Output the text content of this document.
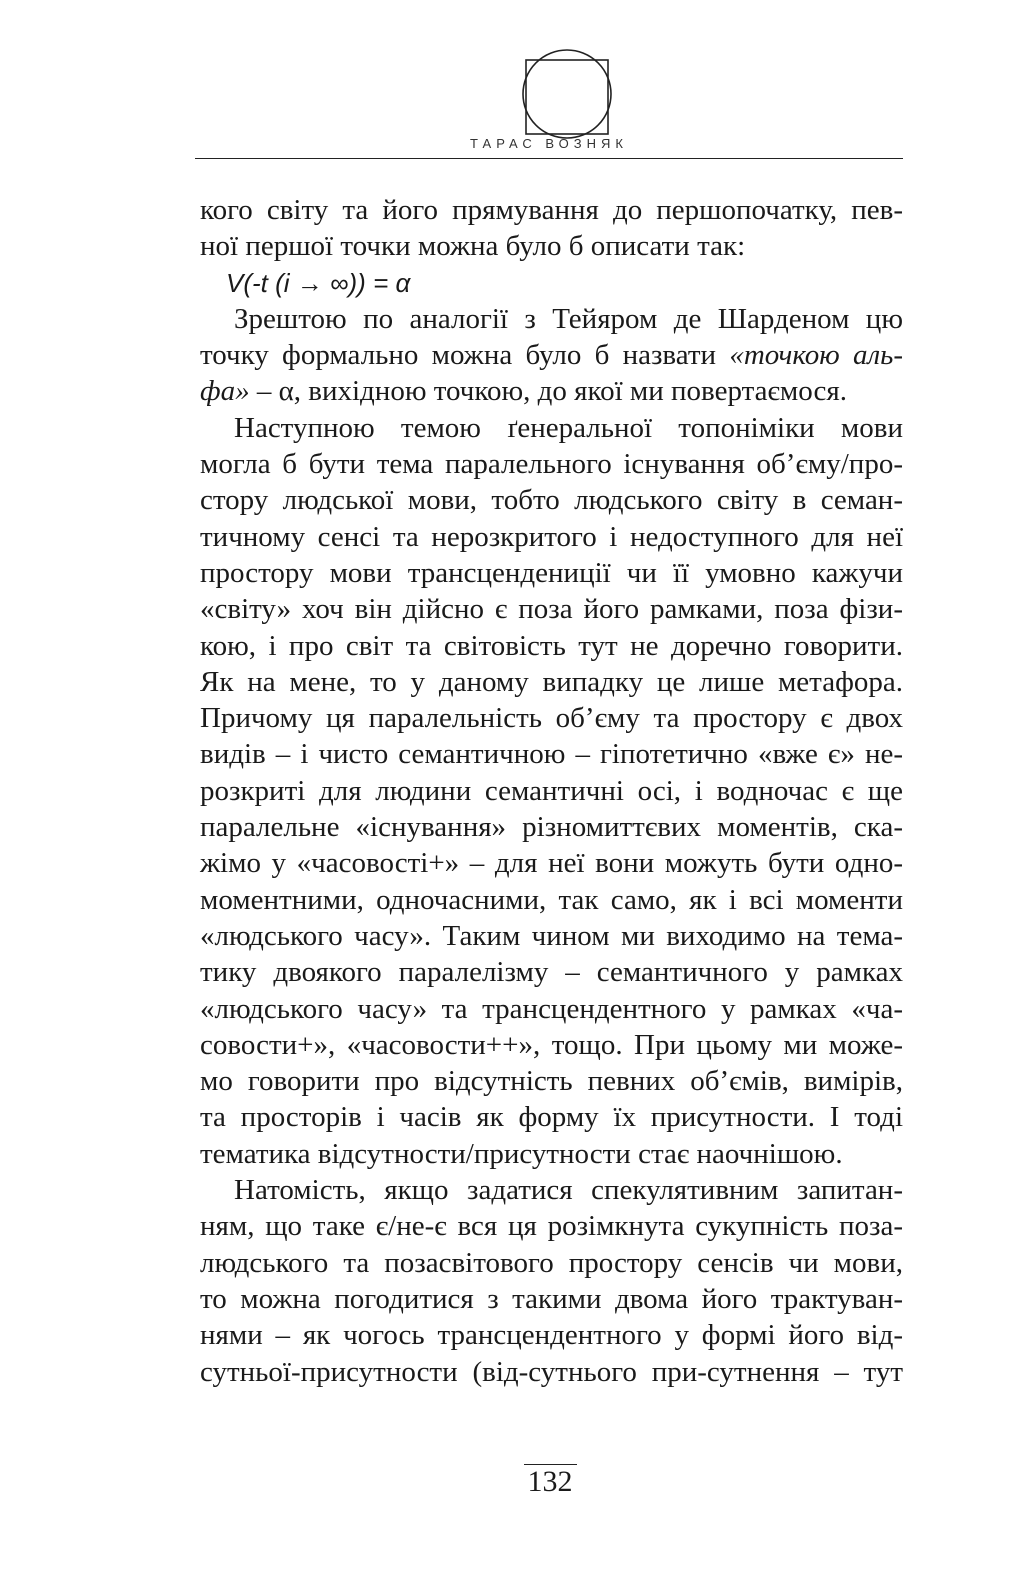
ТАРАС ВОЗНЯК
кого світу та його прямування до першопочатку, пев-
ної першої точки можна було б описати так:
V(-t (i → ∞)) = α
Зрештою по аналогії з Тейяром де Шарденом цю
точку формально можна було б назвати «точкою аль-
фа» – α, вихідною точкою, до якої ми повертаємося.
Наступною темою ґенеральної топоніміки мови
могла б бути тема паралельного існування об’єму/про-
стору людської мови, тобто людського світу в семан-
тичному сенсі та нерозкритого і недоступного для неї
простору мови трансцендениції чи її умовно кажучи
«світу» хоч він дійсно є поза його рамками, поза фізи-
кою, і про світ та світовість тут не доречно говорити.
Як на мене, то у даному випадку це лише метафора.
Причому ця паралельність об’єму та простору є двох
видів – і чисто семантичною – гіпотетично «вже є» не-
розкриті для людини семантичні осі, і водночас є ще
паралельне «існування» різномиттєвих моментів, ска-
жімо у «часовості+» – для неї вони можуть бути одно-
моментними, одночасними, так само, як і всі моменти
«людського часу». Таким чином ми виходимо на тема-
тику двоякого паралелізму – семантичного у рамках
«людського часу» та трансцендентного у рамках «ча-
совости+», «часовости++», тощо. При цьому ми може-
мо говорити про відсутність певних об’ємів, вимірів,
та просторів і часів як форму їх присутности. І тоді
тематика відсутности/присутности стає наочнішою.
Натомість, якщо задатися спекулятивним запитан-
ням, що таке є/не-є вся ця розімкнута сукупність поза-
людського та позасвітового простору сенсів чи мови,
то можна погодитися з такими двома його трактуван-
нями – як чогось трансцендентного у формі його від-
сутньої-присутности (від-сутнього при-сутнення – тут
132
